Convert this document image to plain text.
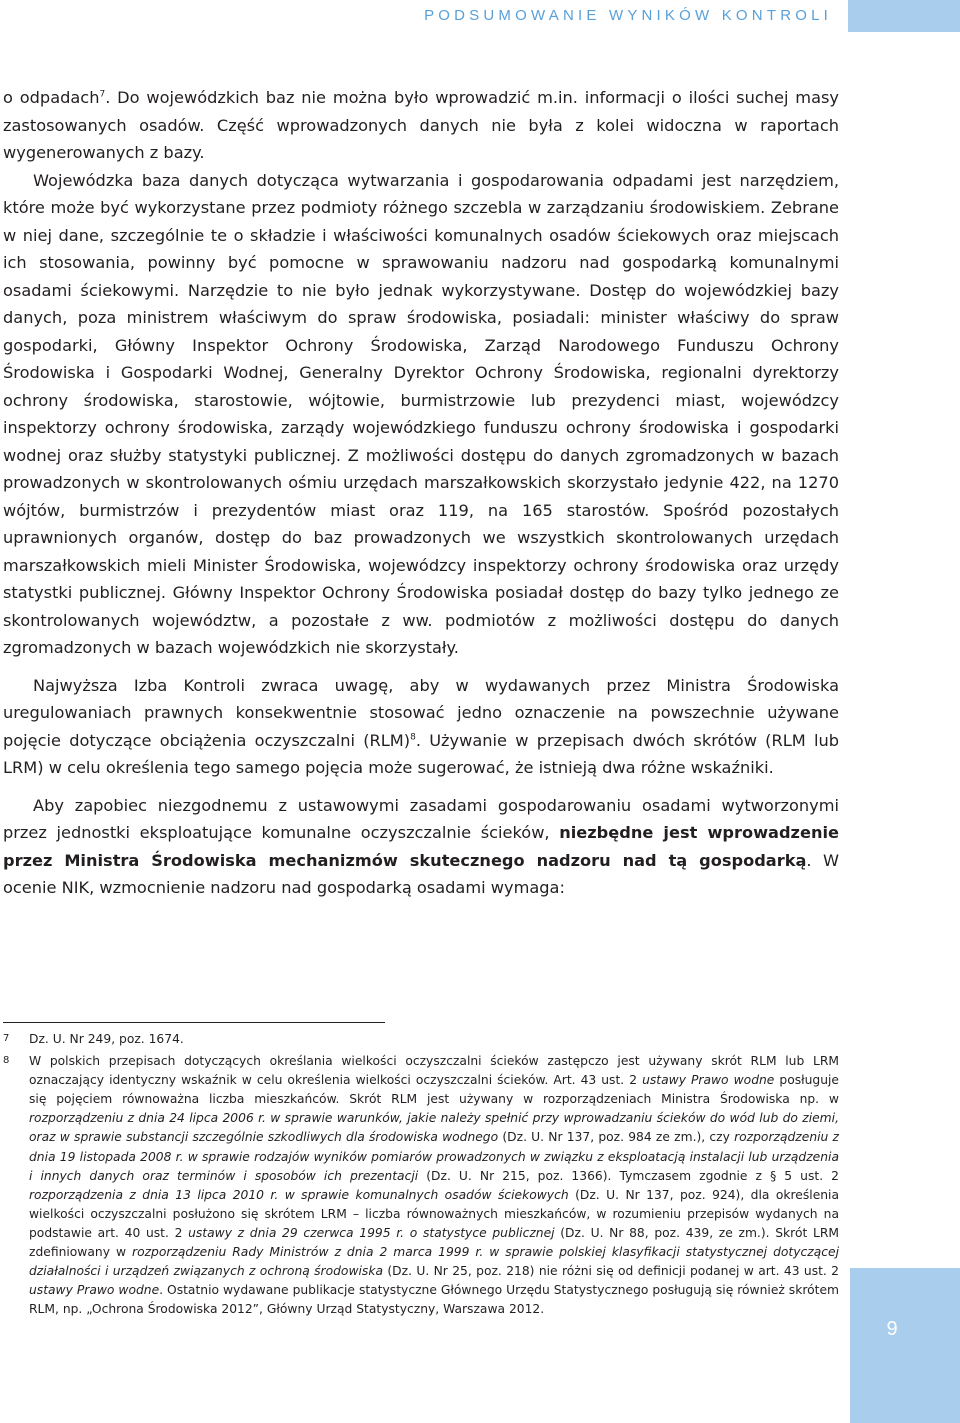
PODSUMOWANIE WYNIKÓW KONTROLI

o odpadach$^7$. Do wojewódzkich baz nie można było wprowadzić m.in. informacji o ilości suchej masy zastosowanych osadów. Część wprowadzonych danych nie była z kolei widoczna w raportach wygenerowanych z bazy.

Wojewódzka baza danych dotycząca wytwarzania i gospodarowania odpadami jest narzędziem, które może być wykorzystane przez podmioty różnego szczebla w zarządzaniu środowiskiem. Zebrane w niej dane, szczególnie te o składzie i właściwości komunalnych osadów ściekowych oraz miejscach ich stosowania, powinny być pomocne w sprawowaniu nadzoru nad gospodarką komunalnymi osadami ściekowymi. Narzędzie to nie było jednak wykorzystywane. Dostęp do wojewódzkiej bazy danych, poza ministrem właściwym do spraw środowiska, posiadali: minister właściwy do spraw gospodarki, Główny Inspektor Ochrony Środowiska, Zarząd Narodowego Funduszu Ochrony Środowiska i Gospodarki Wodnej, Generalny Dyrektor Ochrony Środowiska, regionalni dyrektorzy ochrony środowiska, starostowie, wójtowie, burmistrzowie lub prezydenci miast, wojewódzcy inspektorzy ochrony środowiska, zarządy wojewódzkiego funduszu ochrony środowiska i gospodarki wodnej oraz służby statystyki publicznej. Z możliwości dostępu do danych zgromadzonych w bazach prowadzonych w skontrolowanych ośmiu urzędach marszałkowskich skorzystało jedynie 422, na 1270 wójtów, burmistrzów i prezydentów miast oraz 119, na 165 starostów. Spośród pozostałych uprawnionych organów, dostęp do baz prowadzonych we wszystkich skontrolowanych urzędach marszałkowskich mieli Minister Środowiska, wojewódzcy inspektorzy ochrony środowiska oraz urzędy statystki publicznej. Główny Inspektor Ochrony Środowiska posiadał dostęp do bazy tylko jednego ze skontrolowanych województw, a pozostałe z ww. podmiotów z możliwości dostępu do danych zgromadzonych w bazach wojewódzkich nie skorzystały.

Najwyższa Izba Kontroli zwraca uwagę, aby w wydawanych przez Ministra Środowiska uregulowaniach prawnych konsekwentnie stosować jedno oznaczenie na powszechnie używane pojęcie dotyczące obciążenia oczyszczalni (RLM)$^8$. Używanie w przepisach dwóch skrótów (RLM lub LRM) w celu określenia tego samego pojęcia może sugerować, że istnieją dwa różne wskaźniki.

Aby zapobiec niezgodnemu z ustawowymi zasadami gospodarowaniu osadami wytworzonymi przez jednostki eksploatujące komunalne oczyszczalnie ścieków, niezbędne jest wprowadzenie przez Ministra Środowiska mechanizmów skutecznego nadzoru nad tą gospodarką. W ocenie NIK, wzmocnienie nadzoru nad gospodarką osadami wymaga:

7 Dz. U. Nr 249, poz. 1674.
8 W polskich przepisach dotyczących określania wielkości oczyszczalni ścieków zastępczo jest używany skrót RLM lub LRM oznaczający identyczny wskaźnik w celu określenia wielkości oczyszczalni ścieków. Art. 43 ust. 2 ustawy Prawo wodne posługuje się pojęciem równoważna liczba mieszkańców. Skrót RLM jest używany w rozporządzeniach Ministra Środowiska np. w rozporządzeniu z dnia 24 lipca 2006 r. w sprawie warunków, jakie należy spełnić przy wprowadzaniu ścieków do wód lub do ziemi, oraz w sprawie substancji szczególnie szkodliwych dla środowiska wodnego (Dz. U. Nr 137, poz. 984 ze zm.), czy rozporządzeniu z dnia 19 listopada 2008 r. w sprawie rodzajów wyników pomiarów prowadzonych w związku z eksploatacją instalacji lub urządzenia i innych danych oraz terminów i sposobów ich prezentacji (Dz. U. Nr 215, poz. 1366). Tymczasem zgodnie z § 5 ust. 2 rozporządzenia z dnia 13 lipca 2010 r. w sprawie komunalnych osadów ściekowych (Dz. U. Nr 137, poz. 924), dla określenia wielkości oczyszczalni posłużono się skrótem LRM – liczba równoważnych mieszkańców, w rozumieniu przepisów wydanych na podstawie art. 40 ust. 2 ustawy z dnia 29 czerwca 1995 r. o statystyce publicznej (Dz. U. Nr 88, poz. 439, ze zm.). Skrót LRM zdefiniowany w rozporządzeniu Rady Ministrów z dnia 2 marca 1999 r. w sprawie polskiej klasyfikacji statystycznej dotyczącej działalności i urządzeń związanych z ochroną środowiska (Dz. U. Nr 25, poz. 218) nie różni się od definicji podanej w art. 43 ust. 2 ustawy Prawo wodne. Ostatnio wydawane publikacje statystyczne Głównego Urzędu Statystycznego posługują się również skrótem RLM, np. „Ochrona Środowiska 2012”, Główny Urząd Statystyczny, Warszawa 2012.
9
